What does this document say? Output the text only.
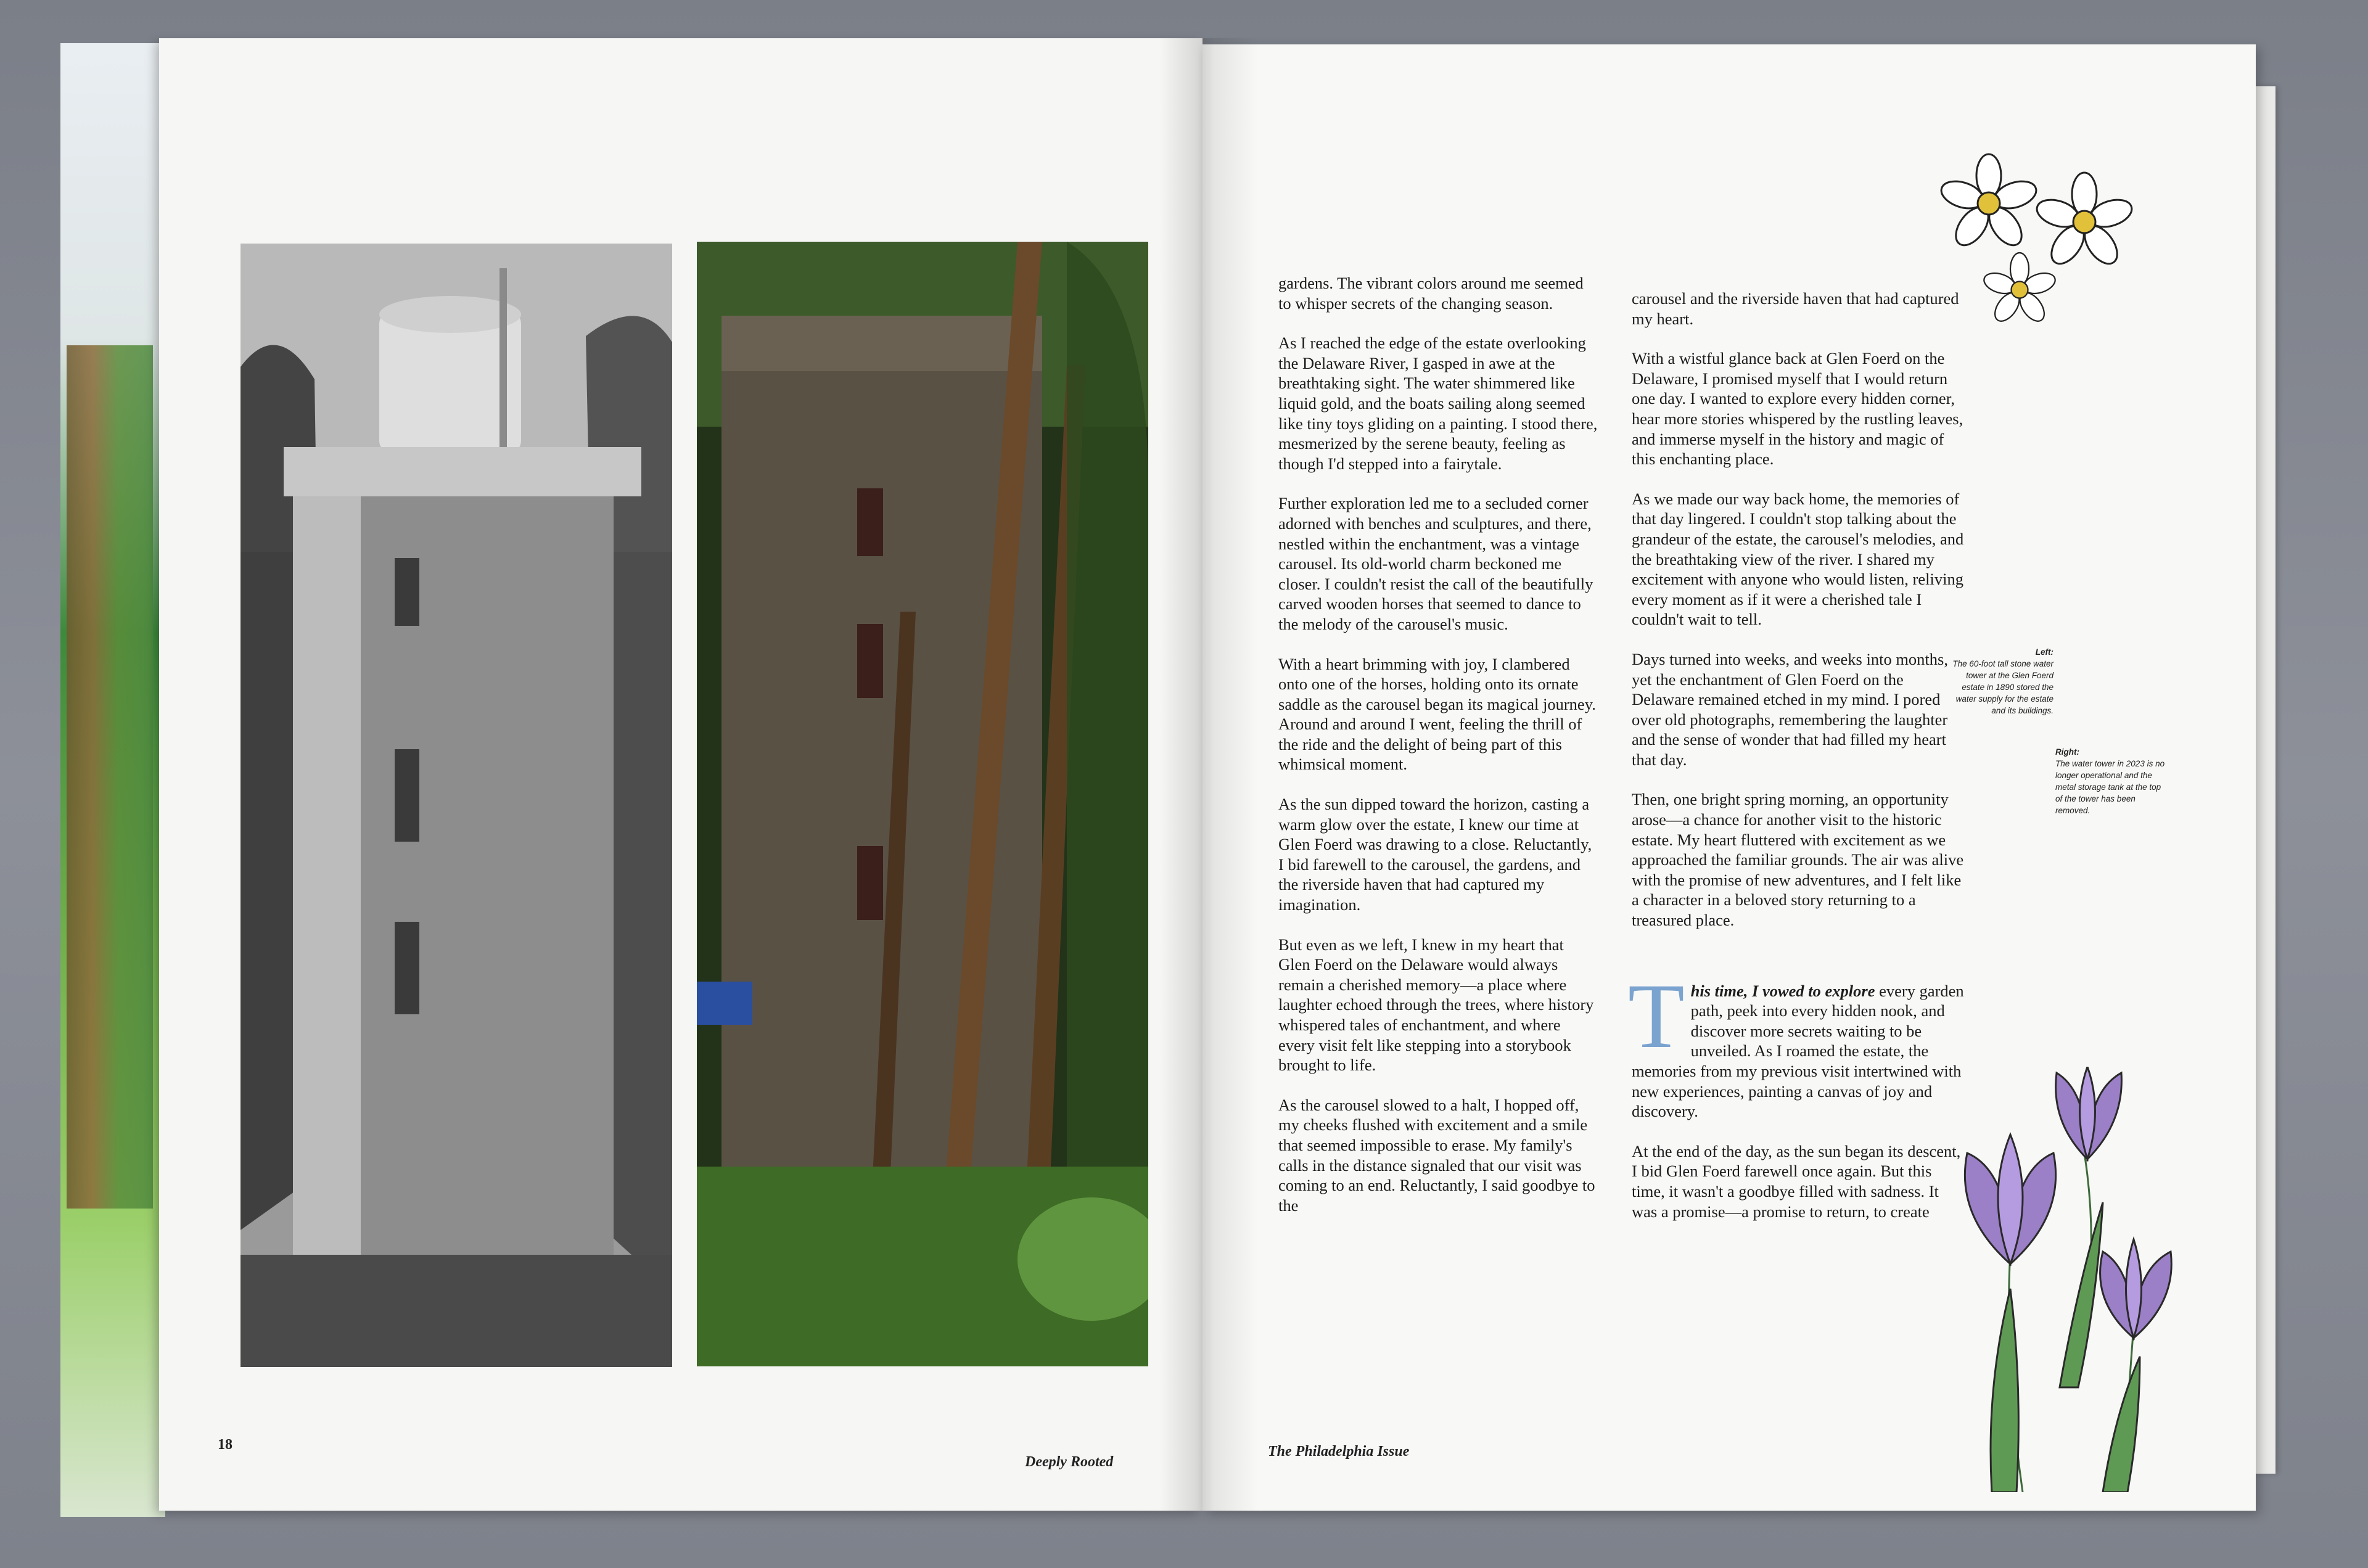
18
Deeply Rooted

gardens. The vibrant colors around me seemed to whisper secrets of the changing season.

As I reached the edge of the estate overlooking the Delaware River, I gasped in awe at the breathtaking sight. The water shimmered like liquid gold, and the boats sailing along seemed like tiny toys gliding on a painting. I stood there, mesmerized by the serene beauty, feeling as though I'd stepped into a fairytale.

Further exploration led me to a secluded corner adorned with benches and sculptures, and there, nestled within the enchantment, was a vintage carousel. Its old-world charm beckoned me closer. I couldn't resist the call of the beautifully carved wooden horses that seemed to dance to the melody of the carousel's music.

With a heart brimming with joy, I clambered onto one of the horses, holding onto its ornate saddle as the carousel began its magical journey. Around and around I went, feeling the thrill of the ride and the delight of being part of this whimsical moment.

As the sun dipped toward the horizon, casting a warm glow over the estate, I knew our time at Glen Foerd was drawing to a close. Reluctantly, I bid farewell to the carousel, the gardens, and the riverside haven that had captured my imagination.

But even as we left, I knew in my heart that Glen Foerd on the Delaware would always remain a cherished memory—a place where laughter echoed through the trees, where history whispered tales of enchantment, and where every visit felt like stepping into a storybook brought to life.

As the carousel slowed to a halt, I hopped off, my cheeks flushed with excitement and a smile that seemed impossible to erase. My family's calls in the distance signaled that our visit was coming to an end. Reluctantly, I said goodbye to the

carousel and the riverside haven that had captured my heart.

With a wistful glance back at Glen Foerd on the Delaware, I promised myself that I would return one day. I wanted to explore every hidden corner, hear more stories whispered by the rustling leaves, and immerse myself in the history and magic of this enchanting place.

As we made our way back home, the memories of that day lingered. I couldn't stop talking about the grandeur of the estate, the carousel's melodies, and the breathtaking view of the river. I shared my excitement with anyone who would listen, reliving every moment as if it were a cherished tale I couldn't wait to tell.

Days turned into weeks, and weeks into months, yet the enchantment of Glen Foerd on the Delaware remained etched in my mind. I pored over old photographs, remembering the laughter and the sense of wonder that had filled my heart that day.

Then, one bright spring morning, an opportunity arose—a chance for another visit to the historic estate. My heart fluttered with excitement as we approached the familiar grounds. The air was alive with the promise of new adventures, and I felt like a character in a beloved story returning to a treasured place.

This time, I vowed to explore every garden path, peek into every hidden nook, and discover more secrets waiting to be unveiled. As I roamed the estate, the memories from my previous visit intertwined with new experiences, painting a canvas of joy and discovery.

At the end of the day, as the sun began its descent, I bid Glen Foerd farewell once again. But this time, it wasn't a goodbye filled with sadness. It was a promise—a promise to return, to create

Left:
The 60-foot tall stone water tower at the Glen Foerd estate in 1890 stored the water supply for the estate and its buildings.
Right:
The water tower in 2023 is no longer operational and the metal storage tank at the top of the tower has been removed.
The Philadelphia Issue
